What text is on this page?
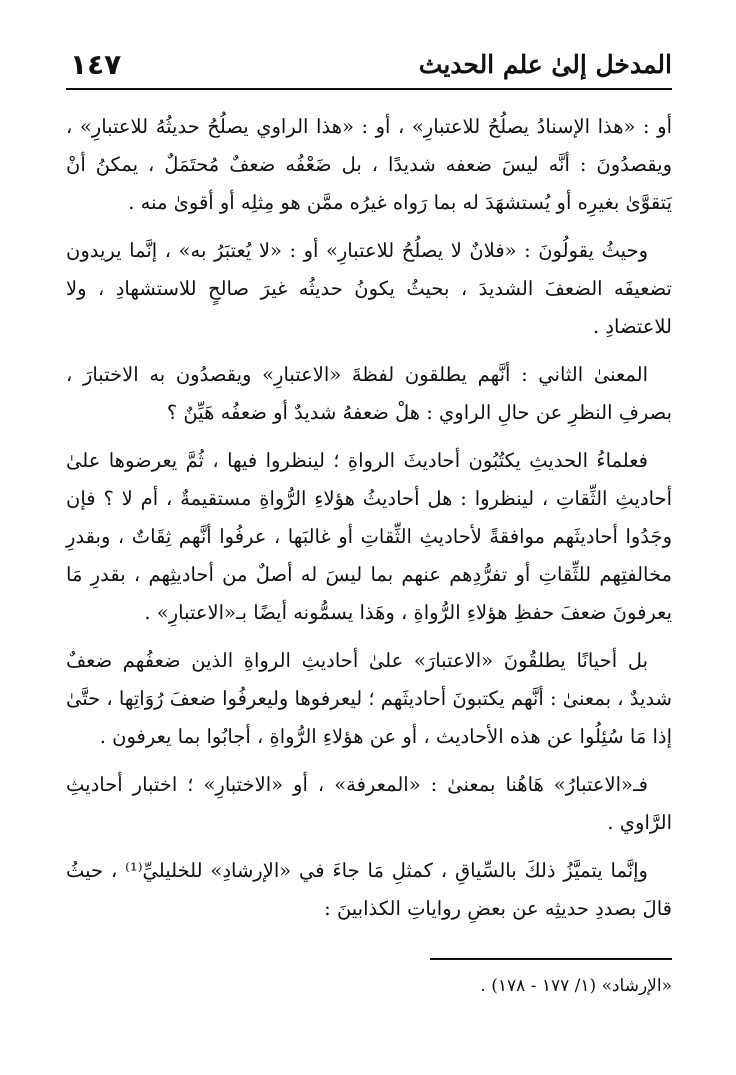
١٤٧	المدخل إلىٰ علم الحديث

أو : «هذا الإسنادُ يصلُحُ للاعتبارِ» ، أو : «هذا الراوي يصلُحُ حديثُهُ للاعتبارِ» ، ويقصدُونَ : أنَّه ليسَ ضعفه شديدًا ، بل ضَعْفُه ضعفٌ مُحتَمَلٌ ، يمكنُ أنْ يَتقوَّىٰ بغيرِه أو يُستشهَدَ له بما رَواه غيرُه ممَّن هو مِثلِه أو أقوىٰ منه .

وحيثُ يقولُونَ : «فلانٌ لا يصلُحُ للاعتبارِ» أو : «لا يُعتبَرُ به» ، إنَّما يريدون تضعيفَه الضعفَ الشديدَ ، بحيثُ يكونُ حديثُه غيرَ صالحٍ للاستشهادِ ، ولا للاعتضادِ .

المعنىٰ الثاني : أنَّهم يطلقون لفظةَ «الاعتبارِ» ويقصدُون به الاختبارَ ، بصرفِ النظرِ عن حالِ الراوي : هلْ ضعفهُ شديدٌ أو ضعفُه هَيِّنٌ ؟

فعلماءُ الحديثِ يكتُبُون أحاديثَ الرواةِ ؛ لينظروا فيها ، ثُمَّ يعرضوها علىٰ أحاديثِ الثِّقاتِ ، لينظروا : هل أحاديثُ هؤلاءِ الرُّواةِ مستقيمةٌ ، أم لا ؟ فإن وجَدُوا أحاديثَهم موافقةً لأحاديثِ الثِّقاتِ أو غالبَها ، عرفُوا أنَّهم ثِقَاتٌ ، وبقدرِ مخالفتِهم للثِّقاتِ أو تفرُّدِهم عنهم بما ليسَ له أصلٌ من أحاديثِهم ، بقدرِ مَا يعرفونَ ضعفَ حفظِ هؤلاءِ الرُّواةِ ، وهَذا يسمُّونه أيضًا بـ«الاعتبارِ» .

بل أحيانًا يطلقُونَ «الاعتبارَ» علىٰ أحاديثِ الرواةِ الذين ضعفُهم ضعفٌ شديدٌ ، بمعنىٰ : أنَّهم يكتبونَ أحاديثَهم ؛ ليعرفوها وليعرفُوا ضعفَ رُوَاتِها ، حتَّىٰ إذا مَا سُئِلُوا عن هذه الأحاديث ، أو عن هؤلاءِ الرُّواةِ ، أجابُوا بما يعرفون .

فـ«الاعتبارُ» هَاهُنا بمعنىٰ : «المعرفة» ، أو «الاختبارِ» ؛ اختبار أحاديثِ الرَّاوي .

وإنَّما يتميَّزُ ذلكَ بالسِّياقِ ، كمثلِ مَا جاءَ في «الإرشادِ» للخليليِّ⁽¹⁾ ، حيثُ قالَ بصددِ حديثِه عن بعضِ رواياتِ الكذابينَ :

«الإرشاد» (١/ ١٧٧ - ١٧٨) .
